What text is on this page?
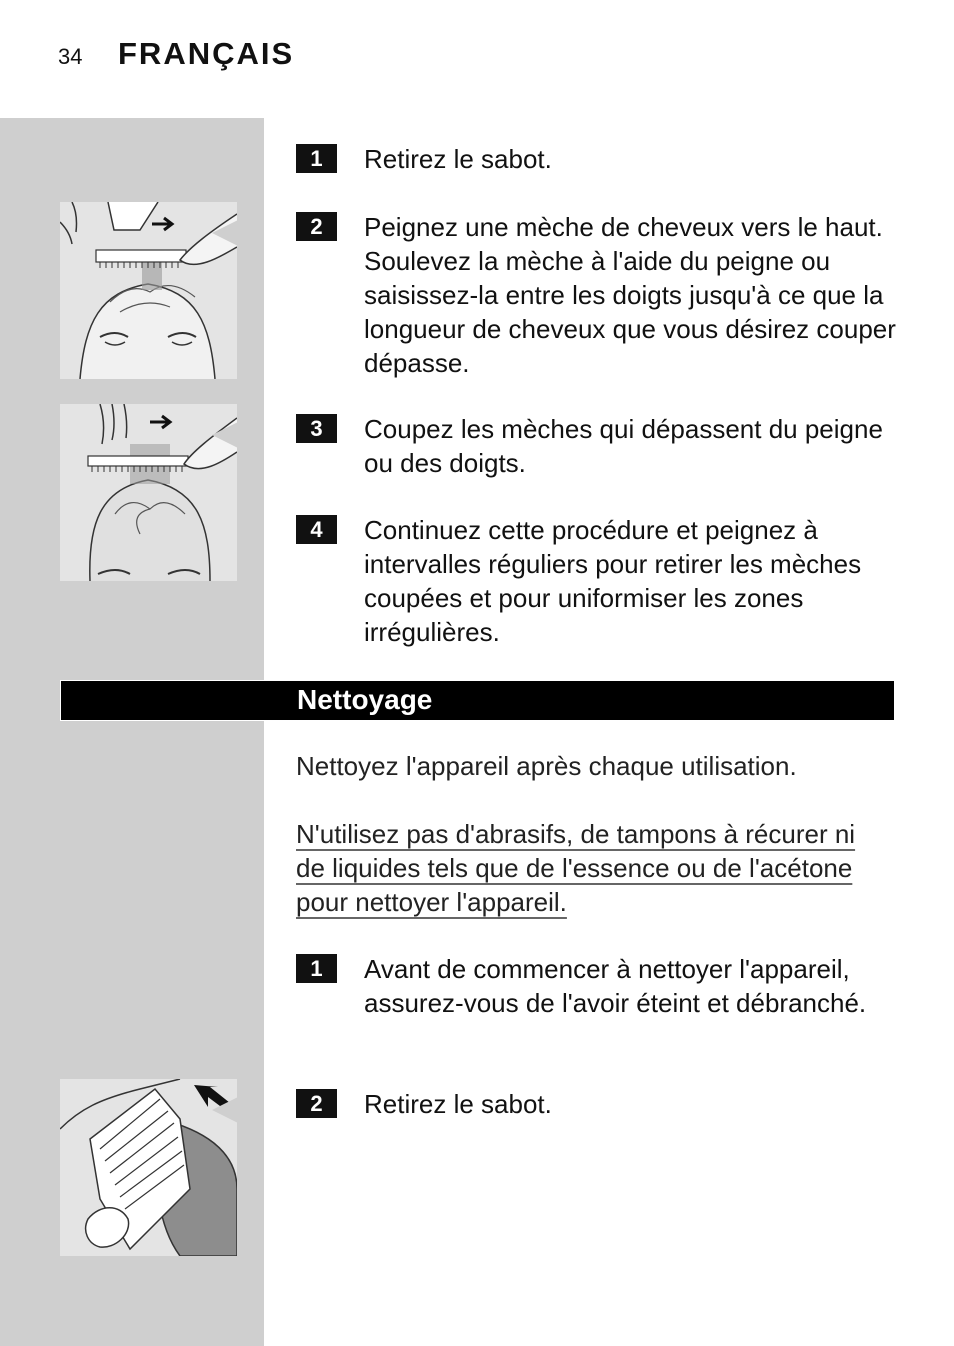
34 FRANÇAIS
1	Retirez le sabot.

2	Peignez une mèche de cheveux vers le haut. Soulevez la mèche à l'aide du peigne ou saisissez-la entre les doigts jusqu'à ce que la longueur de cheveux que vous désirez couper dépasse.

3	Coupez les mèches qui dépassent du peigne ou des doigts.

4	Continuez cette procédure et peignez à intervalles réguliers pour retirer les mèches coupées et pour uniformiser les zones irrégulières.

Nettoyage

Nettoyez l'appareil après chaque utilisation.

N'utilisez pas d'abrasifs, de tampons à récurer ni de liquides tels que de l'essence ou de l'acétone pour nettoyer l'appareil.

1	Avant de commencer à nettoyer l'appareil, assurez-vous de l'avoir éteint et débranché.

2	Retirez le sabot.
